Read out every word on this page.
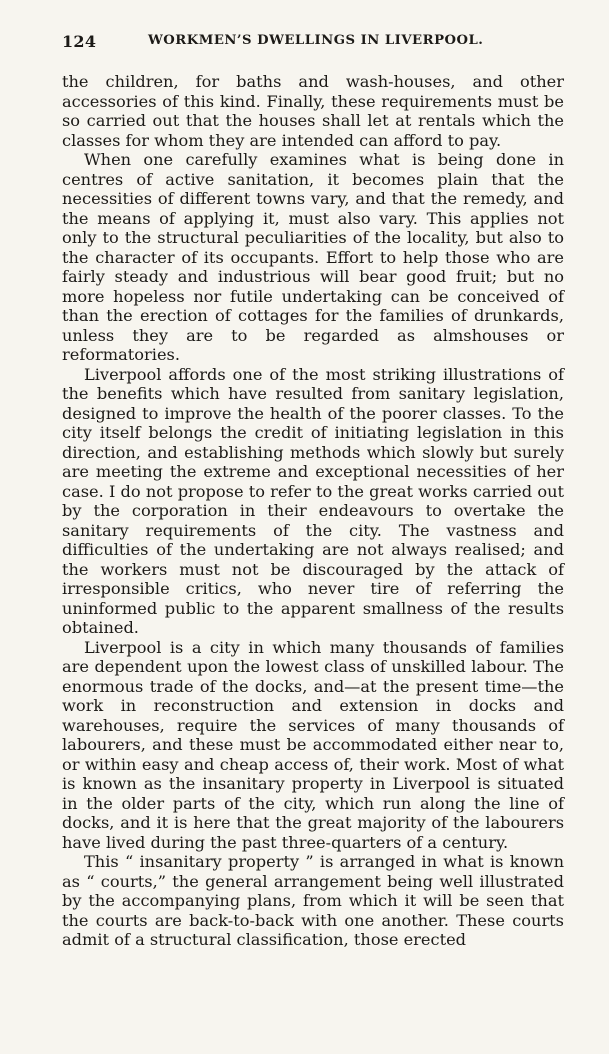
124	WORKMEN’S DWELLINGS IN LIVERPOOL.

the children, for baths and wash-houses, and other accessories of this kind. Finally, these requirements must be so carried out that the houses shall let at rentals which the classes for whom they are intended can afford to pay.

When one carefully examines what is being done in centres of active sanitation, it becomes plain that the necessities of different towns vary, and that the remedy, and the means of applying it, must also vary. This applies not only to the structural peculiarities of the locality, but also to the character of its occupants. Effort to help those who are fairly steady and industrious will bear good fruit; but no more hopeless nor futile undertaking can be conceived of than the erection of cottages for the families of drunkards, unless they are to be regarded as almshouses or reformatories.

Liverpool affords one of the most striking illustrations of the benefits which have resulted from sanitary legislation, designed to improve the health of the poorer classes. To the city itself belongs the credit of initiating legislation in this direction, and establishing methods which slowly but surely are meeting the extreme and exceptional necessities of her case. I do not propose to refer to the great works carried out by the corporation in their endeavours to overtake the sanitary requirements of the city. The vastness and difficulties of the undertaking are not always realised; and the workers must not be discouraged by the attack of irresponsible critics, who never tire of referring the uninformed public to the apparent smallness of the results obtained.

Liverpool is a city in which many thousands of families are dependent upon the lowest class of unskilled labour. The enormous trade of the docks, and—at the present time—the work in reconstruction and extension in docks and warehouses, require the services of many thousands of labourers, and these must be accommodated either near to, or within easy and cheap access of, their work. Most of what is known as the insanitary property in Liverpool is situated in the older parts of the city, which run along the line of docks, and it is here that the great majority of the labourers have lived during the past three-quarters of a century.

This “ insanitary property ” is arranged in what is known as “ courts,” the general arrangement being well illustrated by the accompanying plans, from which it will be seen that the courts are back-to-back with one another. These courts admit of a structural classification, those erected
